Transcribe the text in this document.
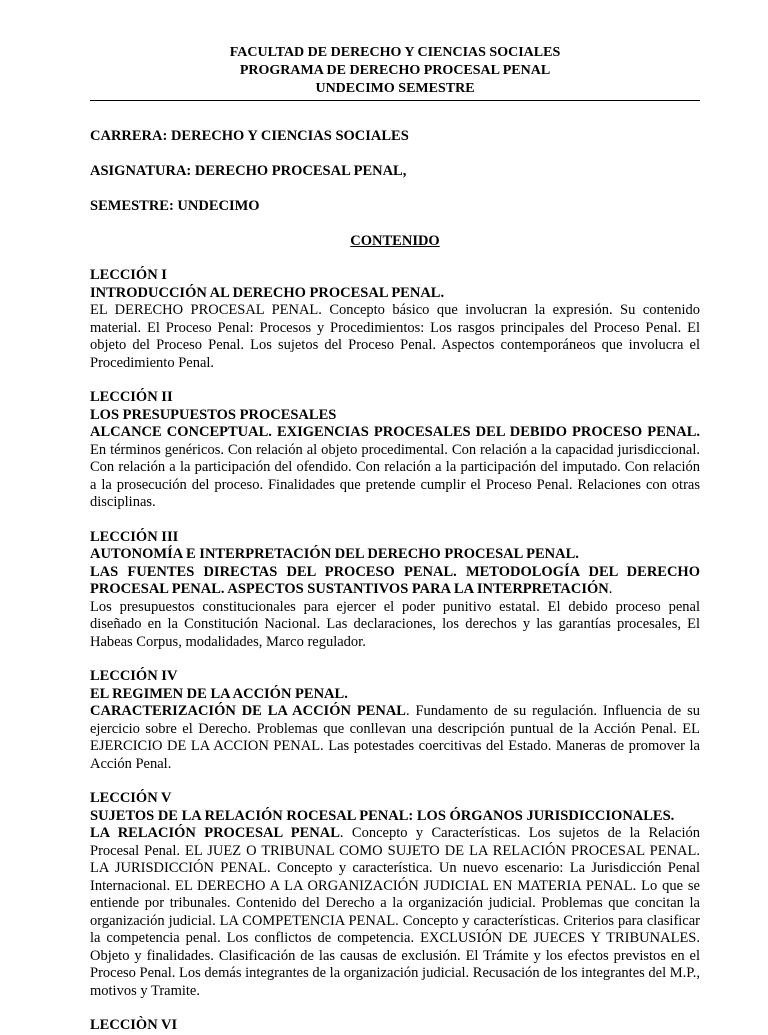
FACULTAD DE DERECHO Y CIENCIAS SOCIALES
PROGRAMA DE DERECHO PROCESAL PENAL
UNDECIMO SEMESTRE
CARRERA: DERECHO Y CIENCIAS SOCIALES
ASIGNATURA: DERECHO PROCESAL PENAL,
SEMESTRE: UNDECIMO
CONTENIDO
LECCIÓN I
INTRODUCCIÓN AL DERECHO PROCESAL PENAL.

EL DERECHO PROCESAL PENAL. Concepto básico que involucran la expresión. Su contenido material. El Proceso Penal: Procesos y Procedimientos: Los rasgos principales del Proceso Penal. El objeto del Proceso Penal. Los sujetos del Proceso Penal. Aspectos contemporáneos que involucra el Procedimiento Penal.

LECCIÓN II
LOS PRESUPUESTOS PROCESALES

ALCANCE CONCEPTUAL. EXIGENCIAS PROCESALES DEL DEBIDO PROCESO PENAL. En términos genéricos. Con relación al objeto procedimental. Con relación a la capacidad jurisdiccional. Con relación a la participación del ofendido. Con relación a la participación del imputado. Con relación a la prosecución del proceso. Finalidades que pretende cumplir el Proceso Penal. Relaciones con otras disciplinas.

LECCIÓN III
AUTONOMÍA E INTERPRETACIÓN DEL DERECHO PROCESAL PENAL.

LAS FUENTES DIRECTAS DEL PROCESO PENAL. METODOLOGÍA DEL DERECHO PROCESAL PENAL. ASPECTOS SUSTANTIVOS PARA LA INTERPRETACIÓN.

Los presupuestos constitucionales para ejercer el poder punitivo estatal. El debido proceso penal diseñado en la Constitución Nacional. Las declaraciones, los derechos y las garantías procesales, El Habeas Corpus, modalidades, Marco regulador.

LECCIÓN IV
EL REGIMEN DE LA ACCIÓN PENAL.

CARACTERIZACIÓN DE LA ACCIÓN PENAL. Fundamento de su regulación. Influencia de su ejercicio sobre el Derecho. Problemas que conllevan una descripción puntual de la Acción Penal. EL EJERCICIO DE LA ACCION PENAL. Las potestades coercitivas del Estado. Maneras de promover la Acción Penal.

LECCIÓN V
SUJETOS DE LA RELACIÓN ROCESAL PENAL: LOS ÓRGANOS JURISDICCIONALES.

LA RELACIÓN PROCESAL PENAL. Concepto y Características. Los sujetos de la Relación Procesal Penal. EL JUEZ O TRIBUNAL COMO SUJETO DE LA RELACIÓN PROCESAL PENAL. LA JURISDICCIÓN PENAL. Concepto y característica. Un nuevo escenario: La Jurisdicción Penal Internacional. EL DERECHO A LA ORGANIZACIÓN JUDICIAL EN MATERIA PENAL. Lo que se entiende por tribunales. Contenido del Derecho a la organización judicial. Problemas que concitan la organización judicial. LA COMPETENCIA PENAL. Concepto y características. Criterios para clasificar la competencia penal. Los conflictos de competencia. EXCLUSIÓN DE JUECES Y TRIBUNALES. Objeto y finalidades. Clasificación de las causas de exclusión. El Trámite y los efectos previstos en el Proceso Penal. Los demás integrantes de la organización judicial. Recusación de los integrantes del M.P., motivos y Tramite.

LECCIÒN VI
